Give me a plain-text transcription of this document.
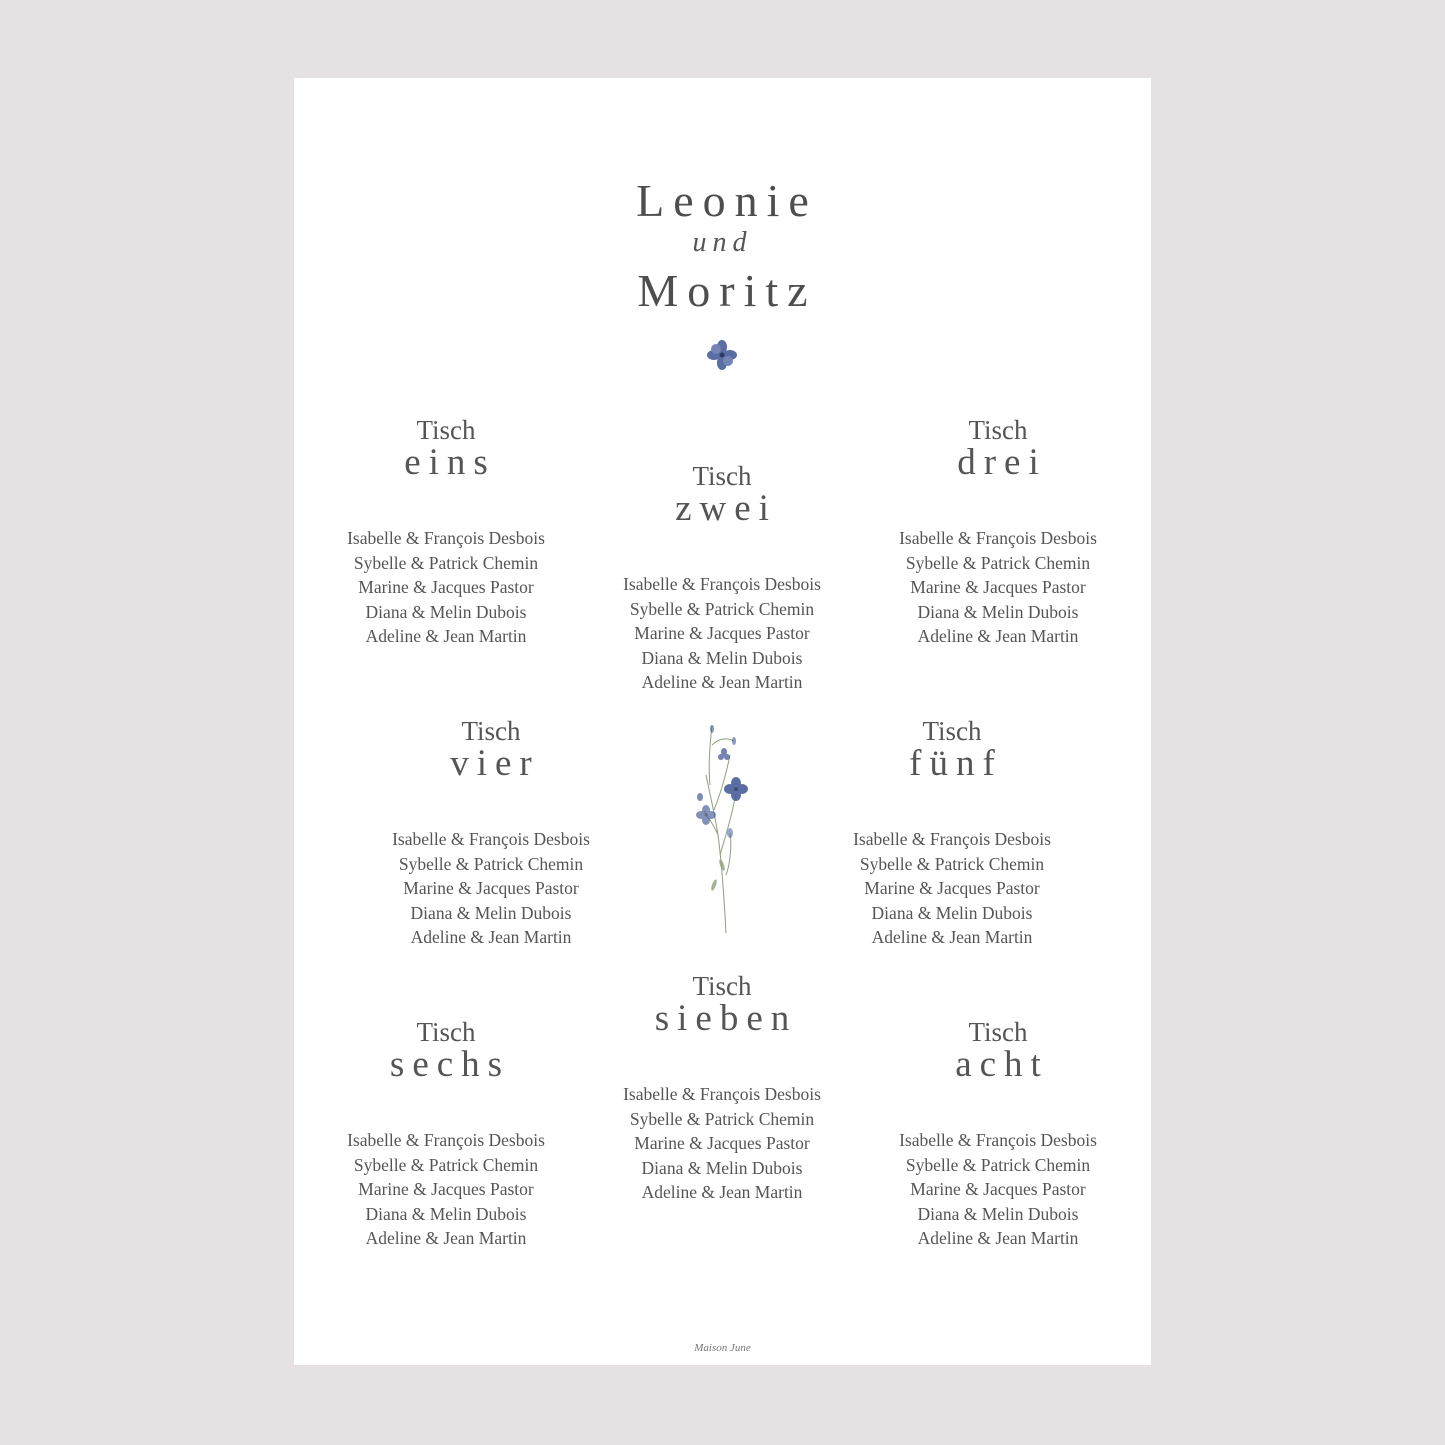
Leonie
und
Moritz
Tisch
eins
Isabelle & François Desbois
Sybelle & Patrick Chemin
Marine & Jacques Pastor
Diana & Melin Dubois
Adeline & Jean Martin
Tisch
zwei
Isabelle & François Desbois
Sybelle & Patrick Chemin
Marine & Jacques Pastor
Diana & Melin Dubois
Adeline & Jean Martin
Tisch
drei
Isabelle & François Desbois
Sybelle & Patrick Chemin
Marine & Jacques Pastor
Diana & Melin Dubois
Adeline & Jean Martin
Tisch
vier
Isabelle & François Desbois
Sybelle & Patrick Chemin
Marine & Jacques Pastor
Diana & Melin Dubois
Adeline & Jean Martin
Tisch
fünf
Isabelle & François Desbois
Sybelle & Patrick Chemin
Marine & Jacques Pastor
Diana & Melin Dubois
Adeline & Jean Martin
Tisch
sechs
Isabelle & François Desbois
Sybelle & Patrick Chemin
Marine & Jacques Pastor
Diana & Melin Dubois
Adeline & Jean Martin
Tisch
sieben
Isabelle & François Desbois
Sybelle & Patrick Chemin
Marine & Jacques Pastor
Diana & Melin Dubois
Adeline & Jean Martin
Tisch
acht
Isabelle & François Desbois
Sybelle & Patrick Chemin
Marine & Jacques Pastor
Diana & Melin Dubois
Adeline & Jean Martin
Maison June
